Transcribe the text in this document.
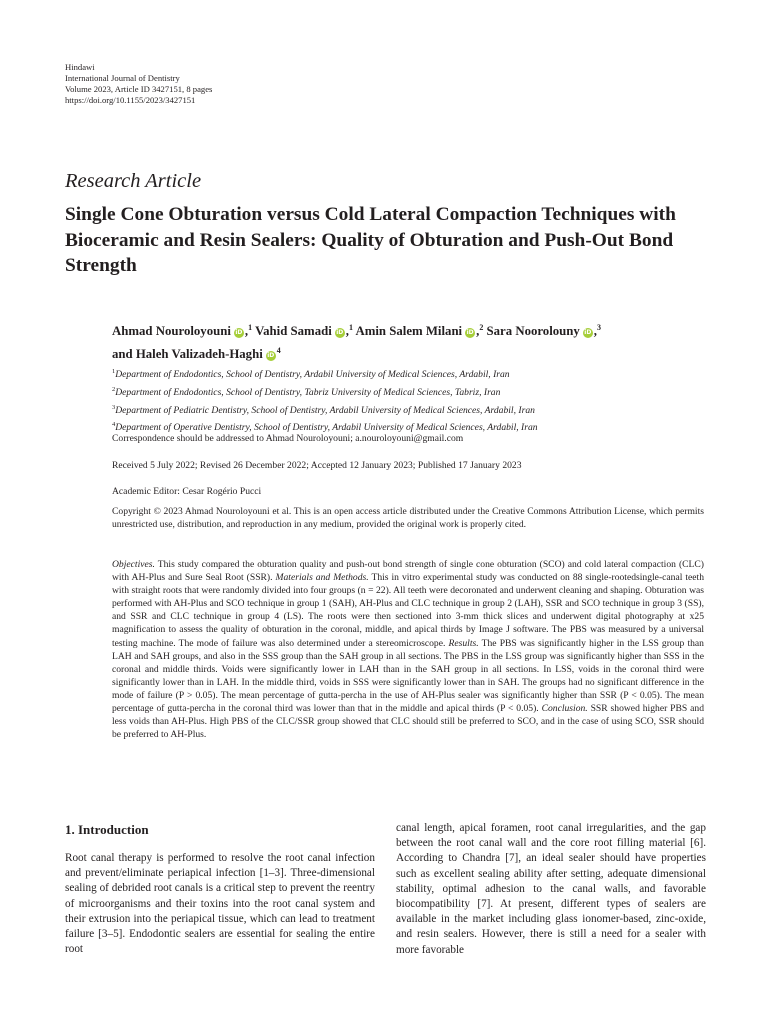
Hindawi
International Journal of Dentistry
Volume 2023, Article ID 3427151, 8 pages
https://doi.org/10.1155/2023/3427151
Research Article
Single Cone Obturation versus Cold Lateral Compaction Techniques with Bioceramic and Resin Sealers: Quality of Obturation and Push-Out Bond Strength
Ahmad Nouroloyouni iD ,$^1$ Vahid Samadi iD ,$^1$ Amin Salem Milani iD ,$^2$ Sara Noorolouny iD ,$^3$
and Haleh Valizadeh-Haghi $iD^4$
$^1$Department of Endodontics, School of Dentistry, Ardabil University of Medical Sciences, Ardabil, Iran
$^2$Department of Endodontics, School of Dentistry, Tabriz University of Medical Sciences, Tabriz, Iran
$^3$Department of Pediatric Dentistry, School of Dentistry, Ardabil University of Medical Sciences, Ardabil, Iran
$^4$Department of Operative Dentistry, School of Dentistry, Ardabil University of Medical Sciences, Ardabil, Iran
Correspondence should be addressed to Ahmad Nouroloyouni; a.nouroloyouni@gmail.com
Received 5 July 2022; Revised 26 December 2022; Accepted 12 January 2023; Published 17 January 2023
Academic Editor: Cesar Rogério Pucci
Copyright © 2023 Ahmad Nouroloyouni et al. This is an open access article distributed under the Creative Commons Attribution License, which permits unrestricted use, distribution, and reproduction in any medium, provided the original work is properly cited.
Objectives. This study compared the obturation quality and push-out bond strength of single cone obturation (SCO) and cold lateral compaction (CLC) with AH-Plus and Sure Seal Root (SSR). Materials and Methods. This in vitro experimental study was conducted on 88 single-rootedsingle-canal teeth with straight roots that were randomly divided into four groups (n = 22). All teeth were decoronated and underwent cleaning and shaping. Obturation was performed with AH-Plus and SCO technique in group 1 (SAH), AH-Plus and CLC technique in group 2 (LAH), SSR and SCO technique in group 3 (SS), and SSR and CLC technique in group 4 (LS). The roots were then sectioned into 3-mm thick slices and underwent digital photography at x25 magnification to assess the quality of obturation in the coronal, middle, and apical thirds by Image J software. The PBS was measured by a universal testing machine. The mode of failure was also determined under a stereomicroscope. Results. The PBS was significantly higher in the LSS group than LAH and SAH groups, and also in the SSS group than the SAH group in all sections. The PBS in the LSS group was significantly higher than SSS in the coronal and middle thirds. Voids were significantly lower in LAH than in the SAH group in all sections. In LSS, voids in the coronal third were significantly lower than in LAH. In the middle third, voids in SSS were significantly lower than in SAH. The groups had no significant difference in the mode of failure (P > 0.05). The mean percentage of gutta-percha in the use of AH-Plus sealer was significantly higher than SSR (P < 0.05). The mean percentage of gutta-percha in the coronal third was lower than that in the middle and apical thirds (P < 0.05). Conclusion. SSR showed higher PBS and less voids than AH-Plus. High PBS of the CLC/SSR group showed that CLC should still be preferred to SCO, and in the case of using SCO, SSR should be preferred to AH-Plus.
1. Introduction
Root canal therapy is performed to resolve the root canal infection and prevent/eliminate periapical infection [1–3]. Three-dimensional sealing of debrided root canals is a critical step to prevent the reentry of microorganisms and their toxins into the root canal system and their extrusion into the periapical tissue, which can lead to treatment failure [3–5]. Endodontic sealers are essential for sealing the entire root
canal length, apical foramen, root canal irregularities, and the gap between the root canal wall and the core root filling material [6]. According to Chandra [7], an ideal sealer should have properties such as excellent sealing ability after setting, adequate dimensional stability, optimal adhesion to the canal walls, and favorable biocompatibility [7]. At present, different types of sealers are available in the market including glass ionomer-based, zinc-oxide, and resin sealers. However, there is still a need for a sealer with more favorable
